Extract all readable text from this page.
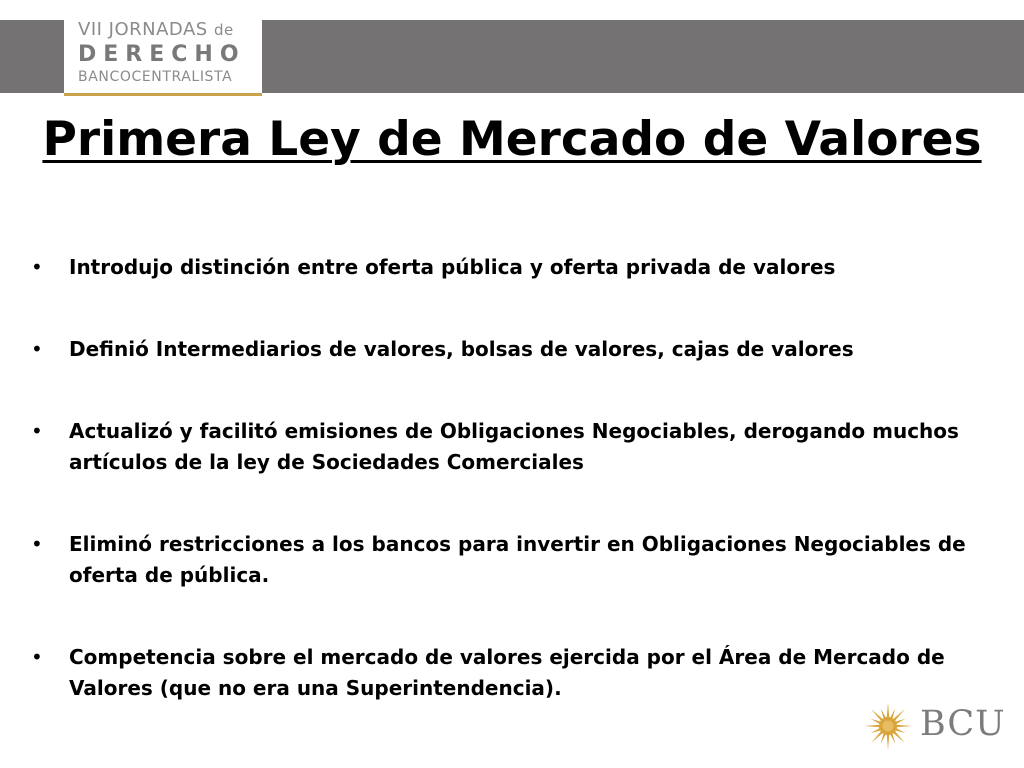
VII JORNADAS de
DERECHO
BANCOCENTRALISTA
Primera Ley de Mercado de Valores
• Introdujo distinción entre oferta pública y oferta privada de valores
• Definió Intermediarios de valores, bolsas de valores, cajas de valores
• Actualizó y facilitó emisiones de Obligaciones Negociables, derogando muchos artículos de la ley de Sociedades Comerciales
• Eliminó restricciones a los bancos para invertir en Obligaciones Negociables de oferta de pública.
• Competencia sobre el mercado de valores ejercida por el Área de Mercado de Valores (que no era una Superintendencia).
BCU
